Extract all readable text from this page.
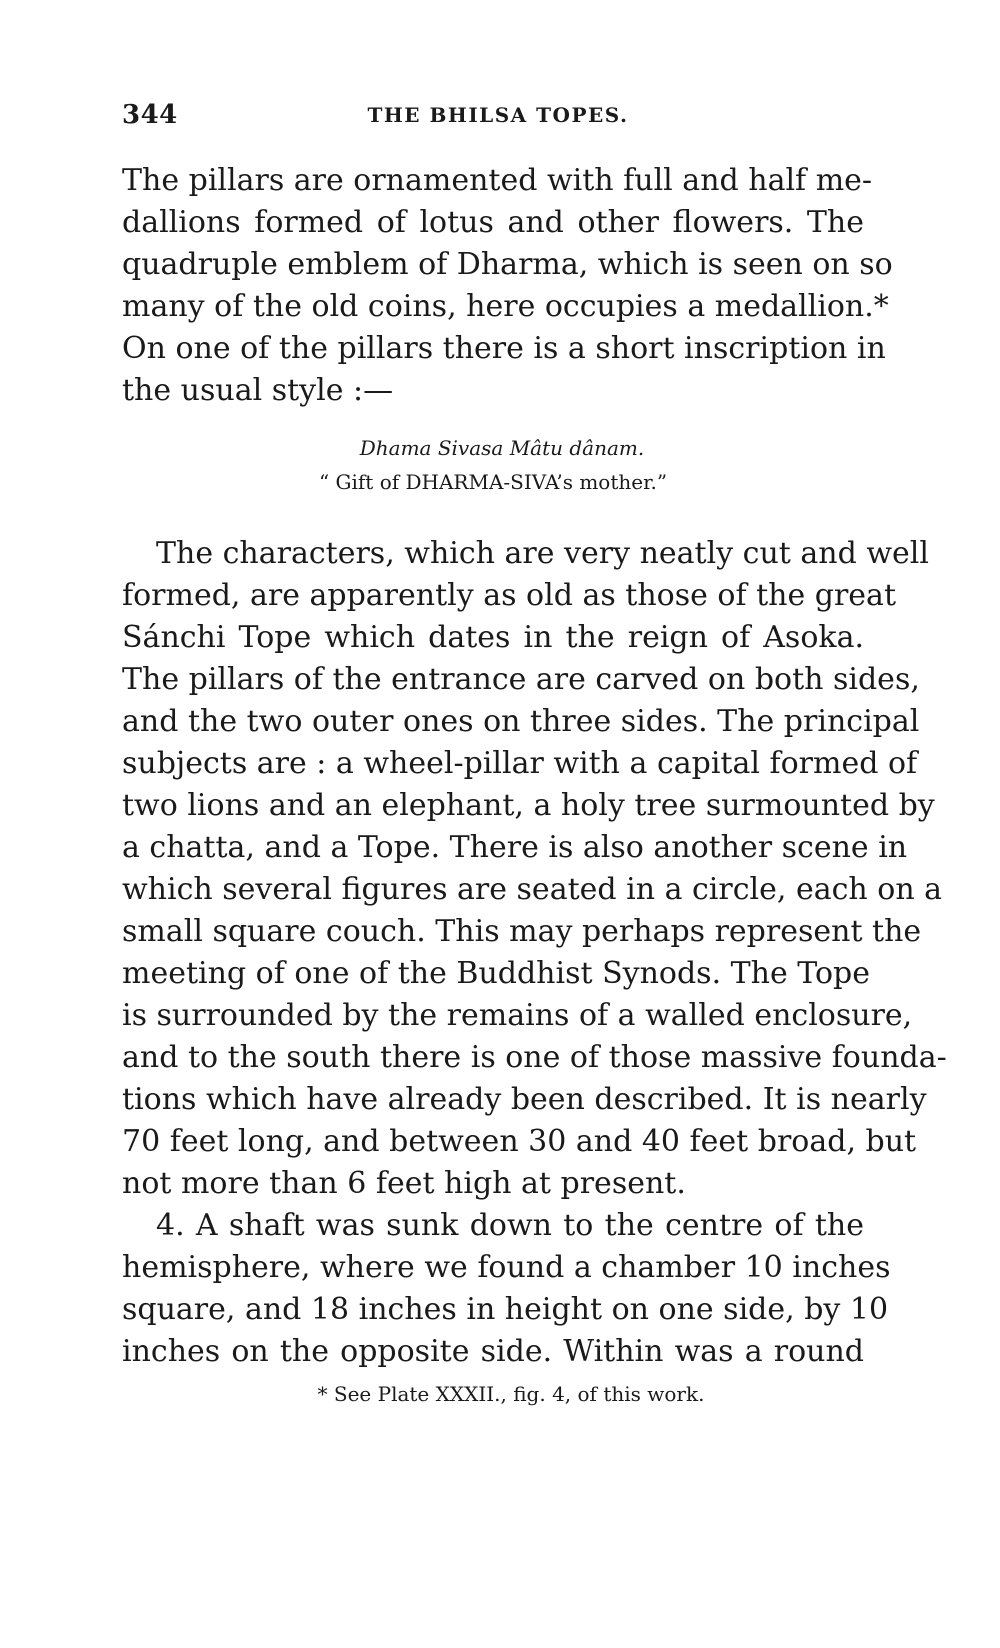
344	THE BHILSA TOPES.
The pillars are ornamented with full and half me-
dallions formed of lotus and other flowers. The
quadruple emblem of Dharma, which is seen on so
many of the old coins, here occupies a medallion.*
On one of the pillars there is a short inscription in
the usual style :—
Dhama Sivasa Mâtu dânam.
“ Gift of DHARMA-SIVA’s mother.”
The characters, which are very neatly cut and well
formed, are apparently as old as those of the great
Sánchi Tope which dates in the reign of Asoka.
The pillars of the entrance are carved on both sides,
and the two outer ones on three sides. The principal
subjects are : a wheel-pillar with a capital formed of
two lions and an elephant, a holy tree surmounted by
a chatta, and a Tope. There is also another scene in
which several figures are seated in a circle, each on a
small square couch. This may perhaps represent the
meeting of one of the Buddhist Synods. The Tope
is surrounded by the remains of a walled enclosure,
and to the south there is one of those massive founda-
tions which have already been described. It is nearly
70 feet long, and between 30 and 40 feet broad, but
not more than 6 feet high at present.
4. A shaft was sunk down to the centre of the
hemisphere, where we found a chamber 10 inches
square, and 18 inches in height on one side, by 10
inches on the opposite side. Within was a round
* See Plate XXXII., fig. 4, of this work.
